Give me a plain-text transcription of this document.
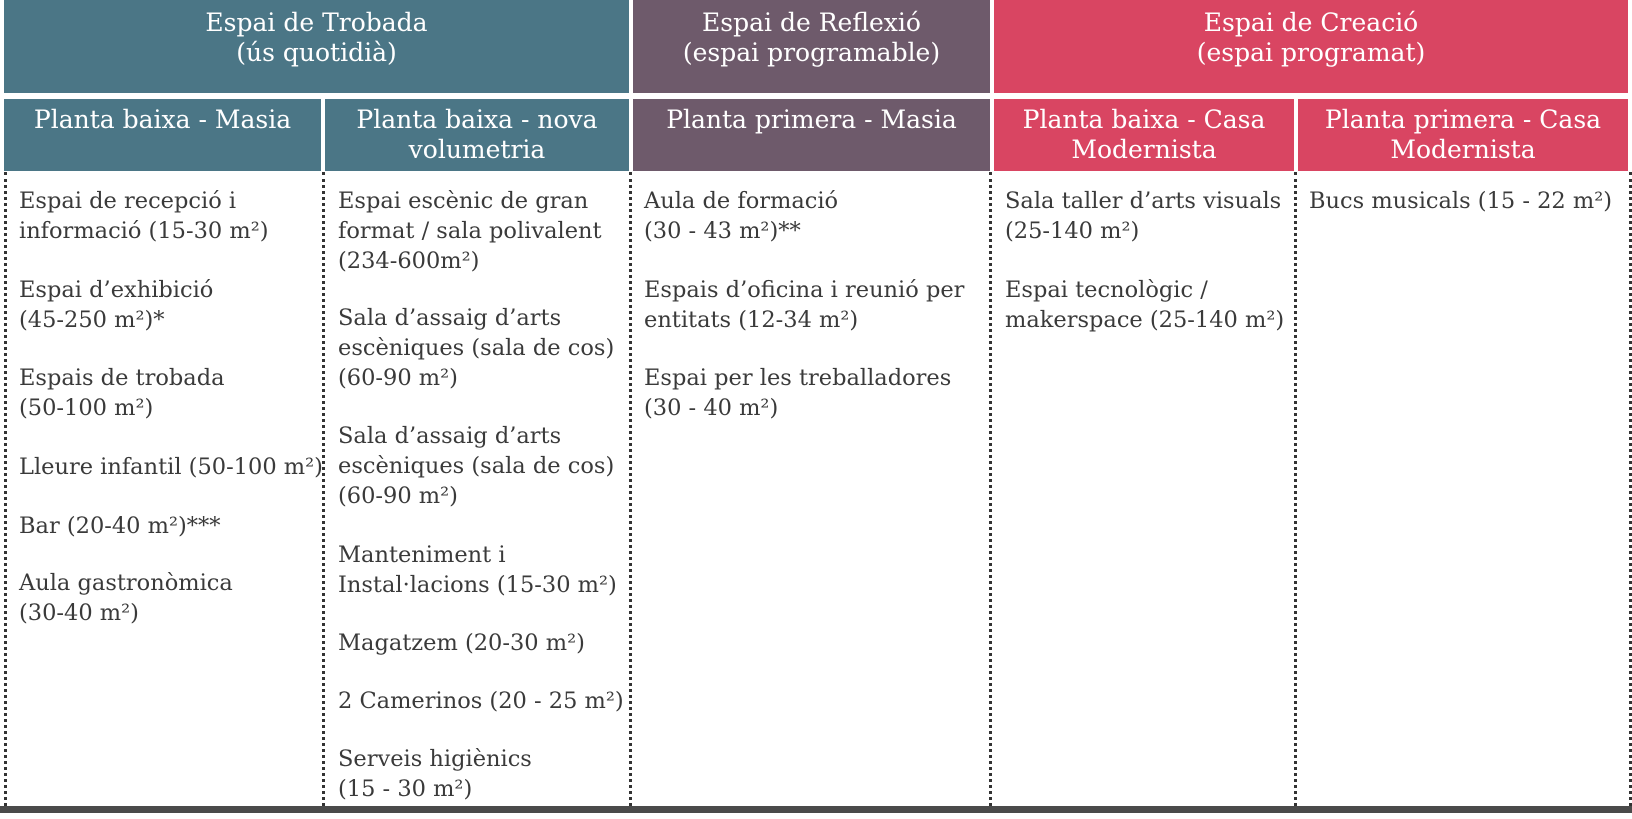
Espai de Trobada
(ús quotidià)
Espai de Reflexió
(espai programable)
Espai de Creació
(espai programat)
Planta baixa - Masia	Planta baixa - nova
volumetria
Planta primera - Masia	Planta baixa - Casa
Modernista
Planta primera - Casa
Modernista
Espai de recepció i
informació (15-30 m²)
Espai d’exhibició
(45-250 m²)*
Espais de trobada
(50-100 m²)
Lleure infantil (50-100 m²)
Bar (20-40 m²)***
Aula gastronòmica
(30-40 m²)
Espai escènic de gran
format / sala polivalent
(234-600m²)
Sala d’assaig d’arts
escèniques (sala de cos)
(60-90 m²)
Sala d’assaig d’arts
escèniques (sala de cos)
(60-90 m²)
Manteniment i
Instal·lacions (15-30 m²)
Magatzem (20-30 m²)
2 Camerinos (20 - 25 m²)
Serveis higiènics
(15 - 30 m²)
Aula de formació
(30 - 43 m²)**
Espais d’oficina i reunió per
entitats (12-34 m²)
Espai per les treballadores
(30 - 40 m²)
Sala taller d’arts visuals
(25-140 m²)
Espai tecnològic /
makerspace (25-140 m²)
Bucs musicals (15 - 22 m²)
